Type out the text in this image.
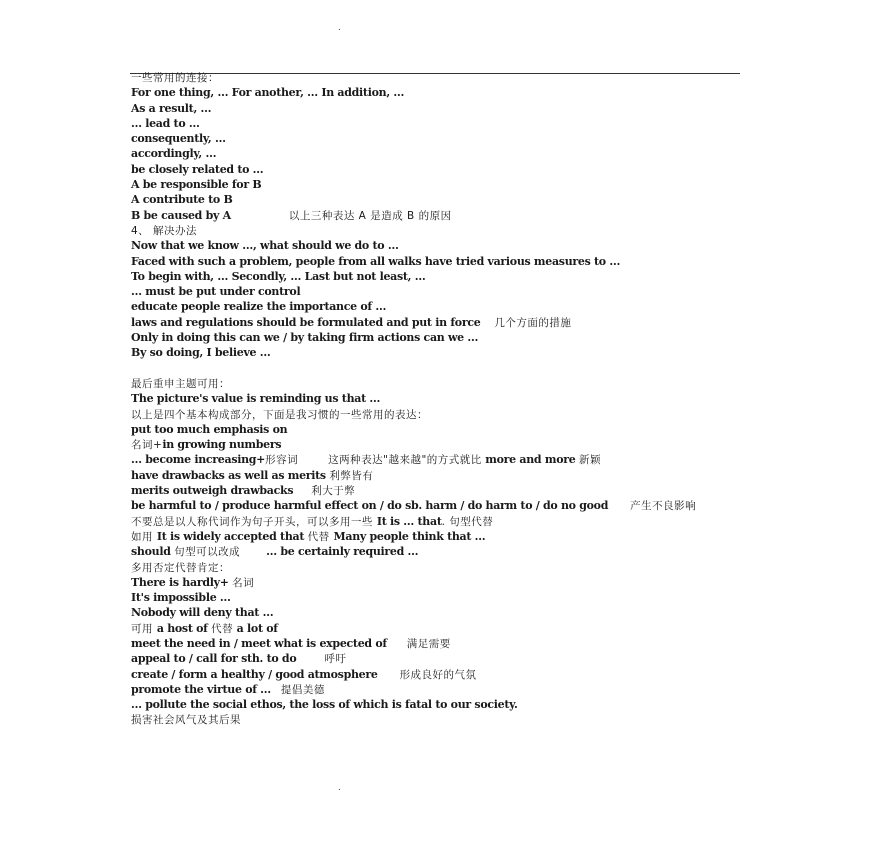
.
一些常用的连接：
For one thing, … For another, … In addition, …
As a result, …
… lead to …
consequently, …
accordingly, …
be closely related to …
A be responsible for B
A contribute to B
B be caused by A	以上三种表达 A 是造成 B 的原因
4、 解决办法
Now that we know …, what should we do to …
Faced with such a problem, people from all walks have tried various measures to …
To begin with, … Secondly, … Last but not least, …
… must be put under control
educate people realize the importance of …
laws and regulations should be formulated and put in force 几个方面的措施
Only in doing this can we / by taking firm actions can we …
By so doing, I believe …
最后重申主题可用：
The picture's value is reminding us that …
以上是四个基本构成部分，下面是我习惯的一些常用的表达：
put too much emphasis on
名词+in growing numbers
… become increasing+形容词	这两种表达"越来越"的方式就比 more and more 新颖
have drawbacks as well as merits 利弊皆有
merits outweigh drawbacks 利大于弊
be harmful to / produce harmful effect on / do sb. harm / do harm to / do no good 产生不良影响
不要总是以人称代词作为句子开头，可以多用一些 It is … that. 句型代替
如用 It is widely accepted that 代替 Many people think that …
should 句型可以改成 … be certainly required …
多用否定代替肯定：
There is hardly+ 名词
It's impossible …
Nobody will deny that …
可用 a host of 代替 a lot of
meet the need in / meet what is expected of 满足需要
appeal to / call for sth. to do	呼吁
create / form a healthy / good atmosphere 形成良好的气氛
promote the virtue of … 提倡美德
… pollute the social ethos, the loss of which is fatal to our society.
损害社会风气及其后果
.
